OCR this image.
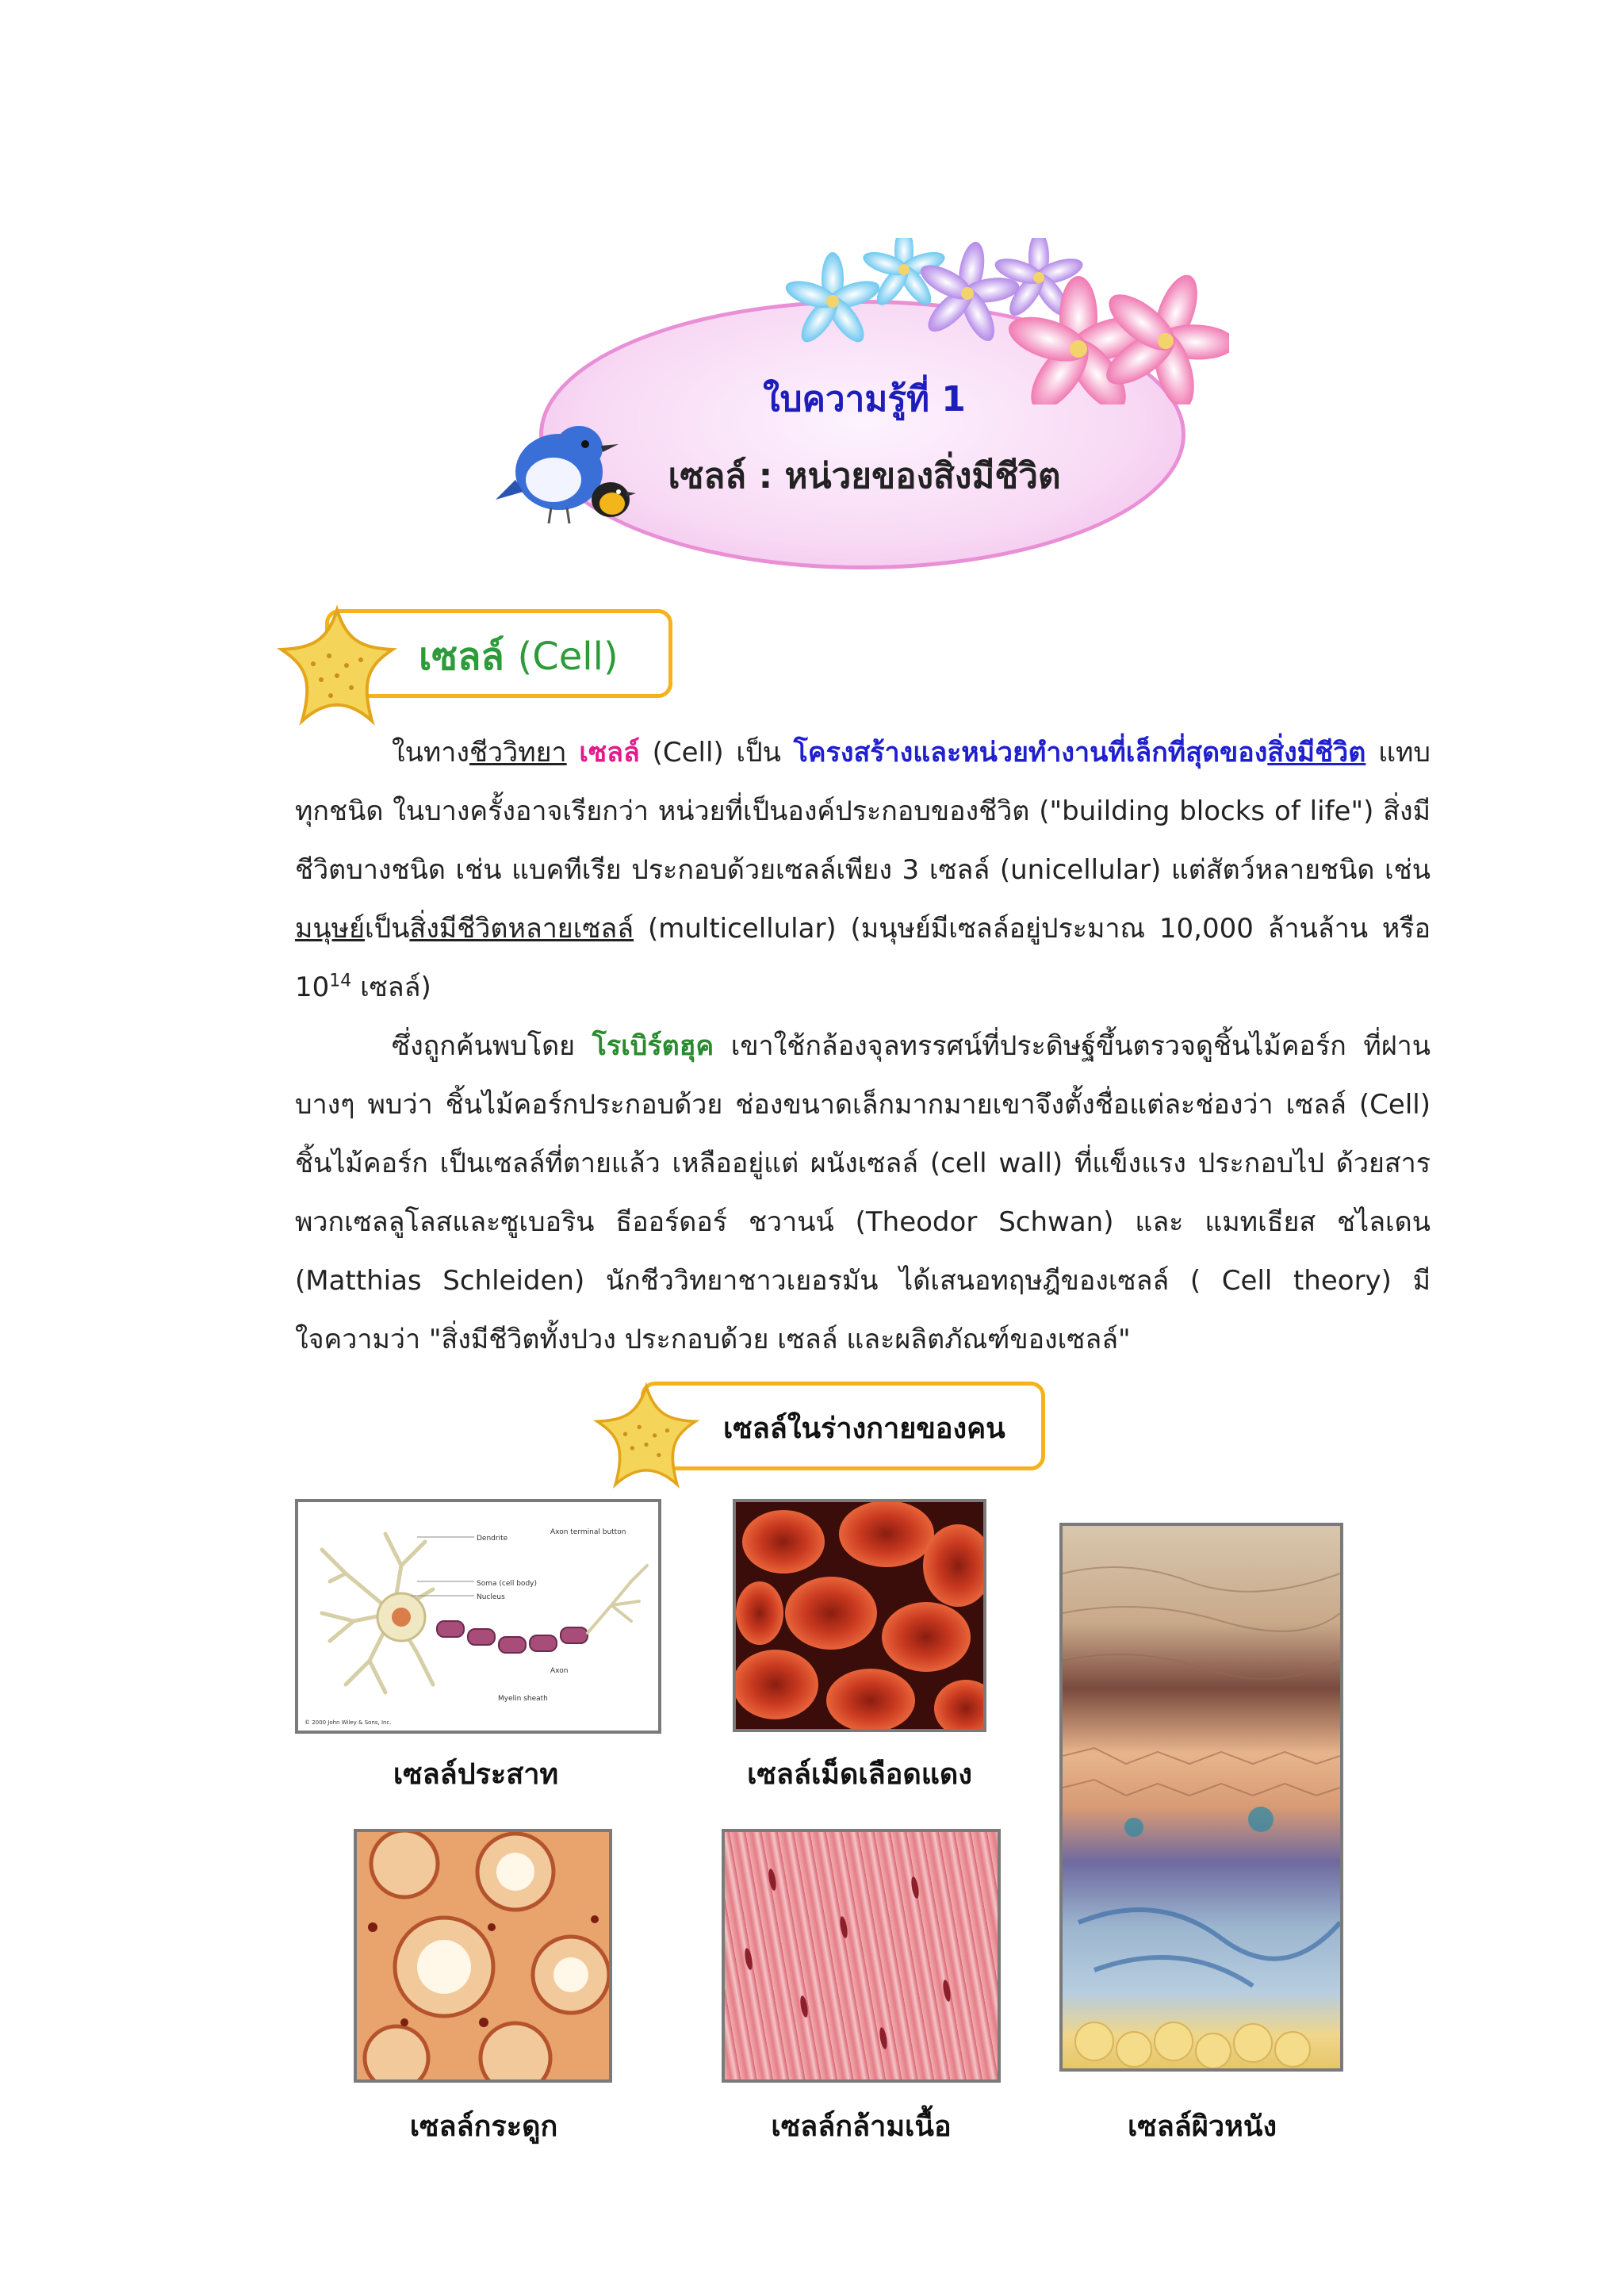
ใบความรู้ที่ 1
เซลล์ : หน่วยของสิ่งมีชีวิต
เซลล์ (Cell)
ในทางชีววิทยา เซลล์ (Cell) เป็น โครงสร้างและหน่วยทำงานที่เล็กที่สุดของสิ่งมีชีวิต แทบทุกชนิด ในบางครั้งอาจเรียกว่า หน่วยที่เป็นองค์ประกอบของชีวิต ("building blocks of life") สิ่งมีชีวิตบางชนิด เช่น แบคทีเรีย ประกอบด้วยเซลล์เพียง 3 เซลล์ (unicellular) แต่สัตว์หลายชนิด เช่น มนุษย์เป็นสิ่งมีชีวิตหลายเซลล์ (multicellular) (มนุษย์มีเซลล์อยู่ประมาณ 10,000 ล้านล้าน หรือ $10^{14}$ เซลล์)
ซึ่งถูกค้นพบโดย โรเบิร์ตฮุค เขาใช้กล้องจุลทรรศน์ที่ประดิษฐ์ขึ้นตรวจดูชิ้นไม้คอร์ก ที่ฝาน บางๆ พบว่า ชิ้นไม้คอร์กประกอบด้วย ช่องขนาดเล็กมากมายเขาจึงตั้งชื่อแต่ละช่องว่า เซลล์ (Cell) ชิ้นไม้คอร์ก เป็นเซลล์ที่ตายแล้ว เหลืออยู่แต่ ผนังเซลล์ (cell wall) ที่แข็งแรง ประกอบไป ด้วยสารพวกเซลลูโลสและซูเบอริน ธีออร์ดอร์ ชวานน์ (Theodor Schwan) และ แมทเธียส ชไลเดน (Matthias Schleiden) นักชีววิทยาชาวเยอรมัน ได้เสนอทฤษฎีของเซลล์ ( Cell theory) มีใจความว่า "สิ่งมีชีวิตทั้งปวง ประกอบด้วย เซลล์ และผลิตภัณฑ์ของเซลล์"
เซลล์ในร่างกายของคน
Dendrite
Axon terminal button
Soma (cell body)
Nucleus
Axon
Myelin sheath
© 2000 John Wiley & Sons, Inc.
เซลล์ประสาท	เซลล์เม็ดเลือดแดง
เซลล์กระดูก	เซลล์กล้ามเนื้อ	เซลล์ผิวหนัง
